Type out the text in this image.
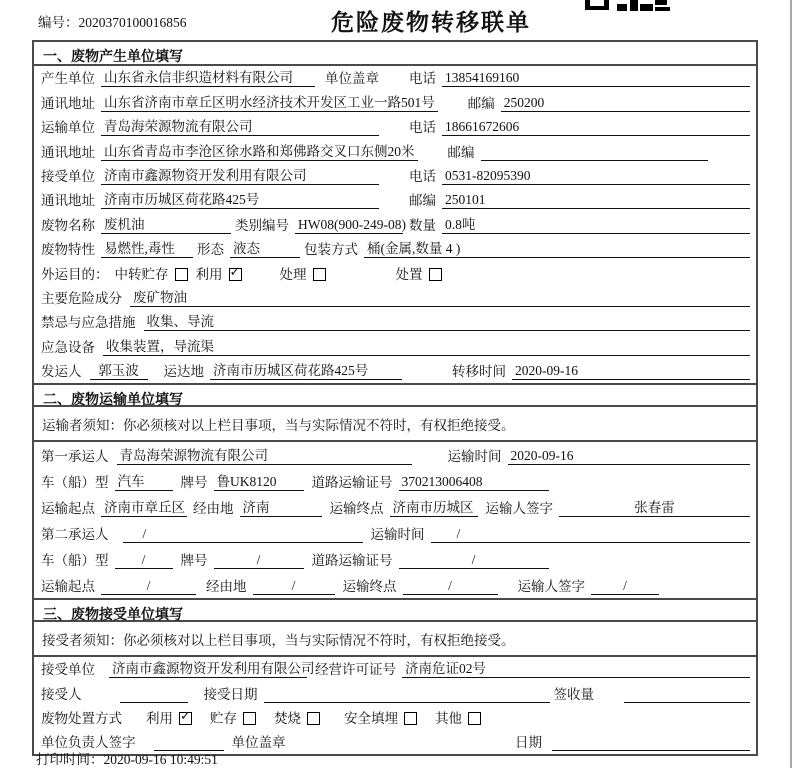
编号：2020370100016856	危险废物转移联单
一、废物产生单位填写
产生单位 山东省永信非织造材料有限公司	单位盖章 电话 13854169160
通讯地址 山东省济南市章丘区明水经济技术开发区工业一路501号 邮编 250200
运输单位 青岛海荣源物流有限公司	电话 18661672606
通讯地址 山东省青岛市李沧区徐水路和郑佛路交叉口东侧20米 邮编
接受单位 济南市鑫源物资开发利用有限公司	电话 0531-82095390
通讯地址 济南市历城区荷花路425号	邮编 250101
废物名称 废机油	类别编号 HW08(900-249-08) 数量 0.8吨
废物特性 易燃性,毒性	形态 液态	包装方式 桶(金属,数量 4 )
外运目的： 中转贮存 利用 ✓	处理	处置
主要危险成分 废矿物油
禁忌与应急措施 收集、导流
应急设备 收集装置，导流渠
发运人	郭玉波	运达地 济南市历城区荷花路425号	转移时间 2020-09-16
二、废物运输单位填写
运输者须知：你必须核对以上栏目事项，当与实际情况不符时，有权拒绝接受。
第一承运人 青岛海荣源物流有限公司	运输时间 2020-09-16
车（船）型 汽车	牌号 鲁UK8120	道路运输证号 370213006408
运输起点 济南市章丘区 经由地 济南	运输终点 济南市历城区 运输人签字	张春雷
第二承运人	/	运输时间	/
车（船）型	/	牌号	/	道路运输证号	/
运输起点	/	经由地	/	运输终点	/	运输人签字	/
三、废物接受单位填写
接受者须知：你必须核对以上栏目事项，当与实际情况不符时，有权拒绝接受。
接受单位 济南市鑫源物资开发利用有限公司 经营许可证号 济南危证02号
接受人	接受日期	签收量
废物处置方式 利用 ✓	贮存	焚烧	安全填埋	其他
单位负责人签字	单位盖章	日期
打印时间：2020-09-16 10:49:51
